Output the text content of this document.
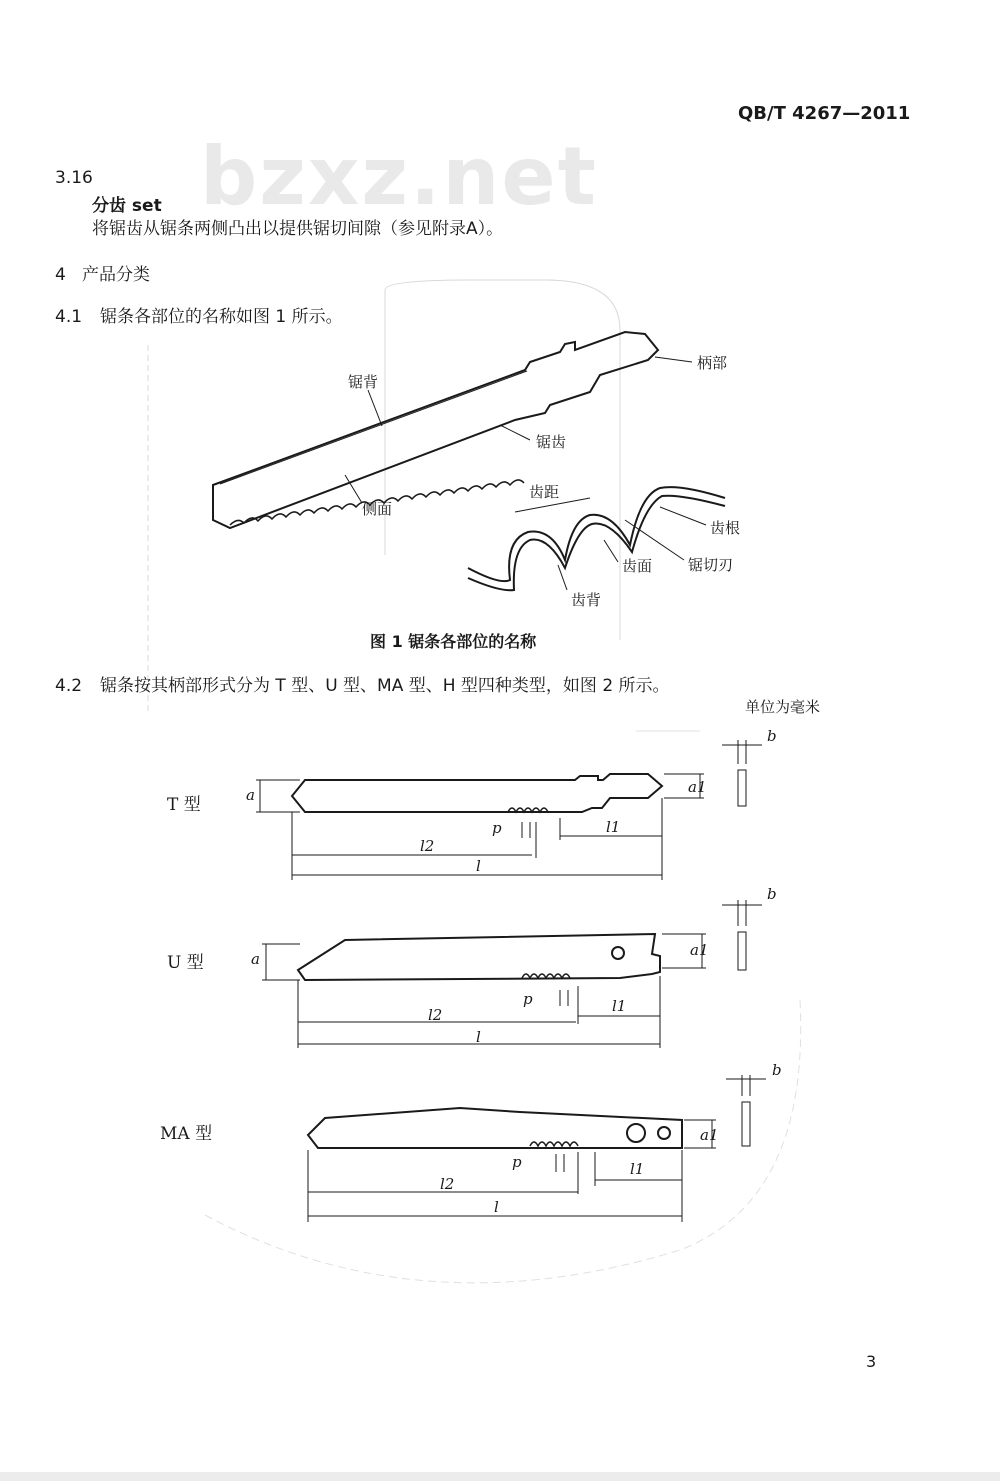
bzxz.net
QB/T 4267—2011
3.16
分齿 set
将锯齿从锯条两侧凸出以提供锯切间隙（参见附录A）。
4 产品分类
4.1 锯条各部位的名称如图 1 所示。
柄部
锯背
锯齿
侧面
齿距
齿根
齿面 锯切刃
齿背
图 1 锯条各部位的名称
4.2 锯条按其柄部形式分为 T 型、U 型、MA 型、H 型四种类型，如图 2 所示。
单位为毫米
T 型	a	a1
b
p	l1
l2
l
U 型	a	a1
b
p	l1
l2
l
MA 型	a1
b
p	l1
l2
l
3
